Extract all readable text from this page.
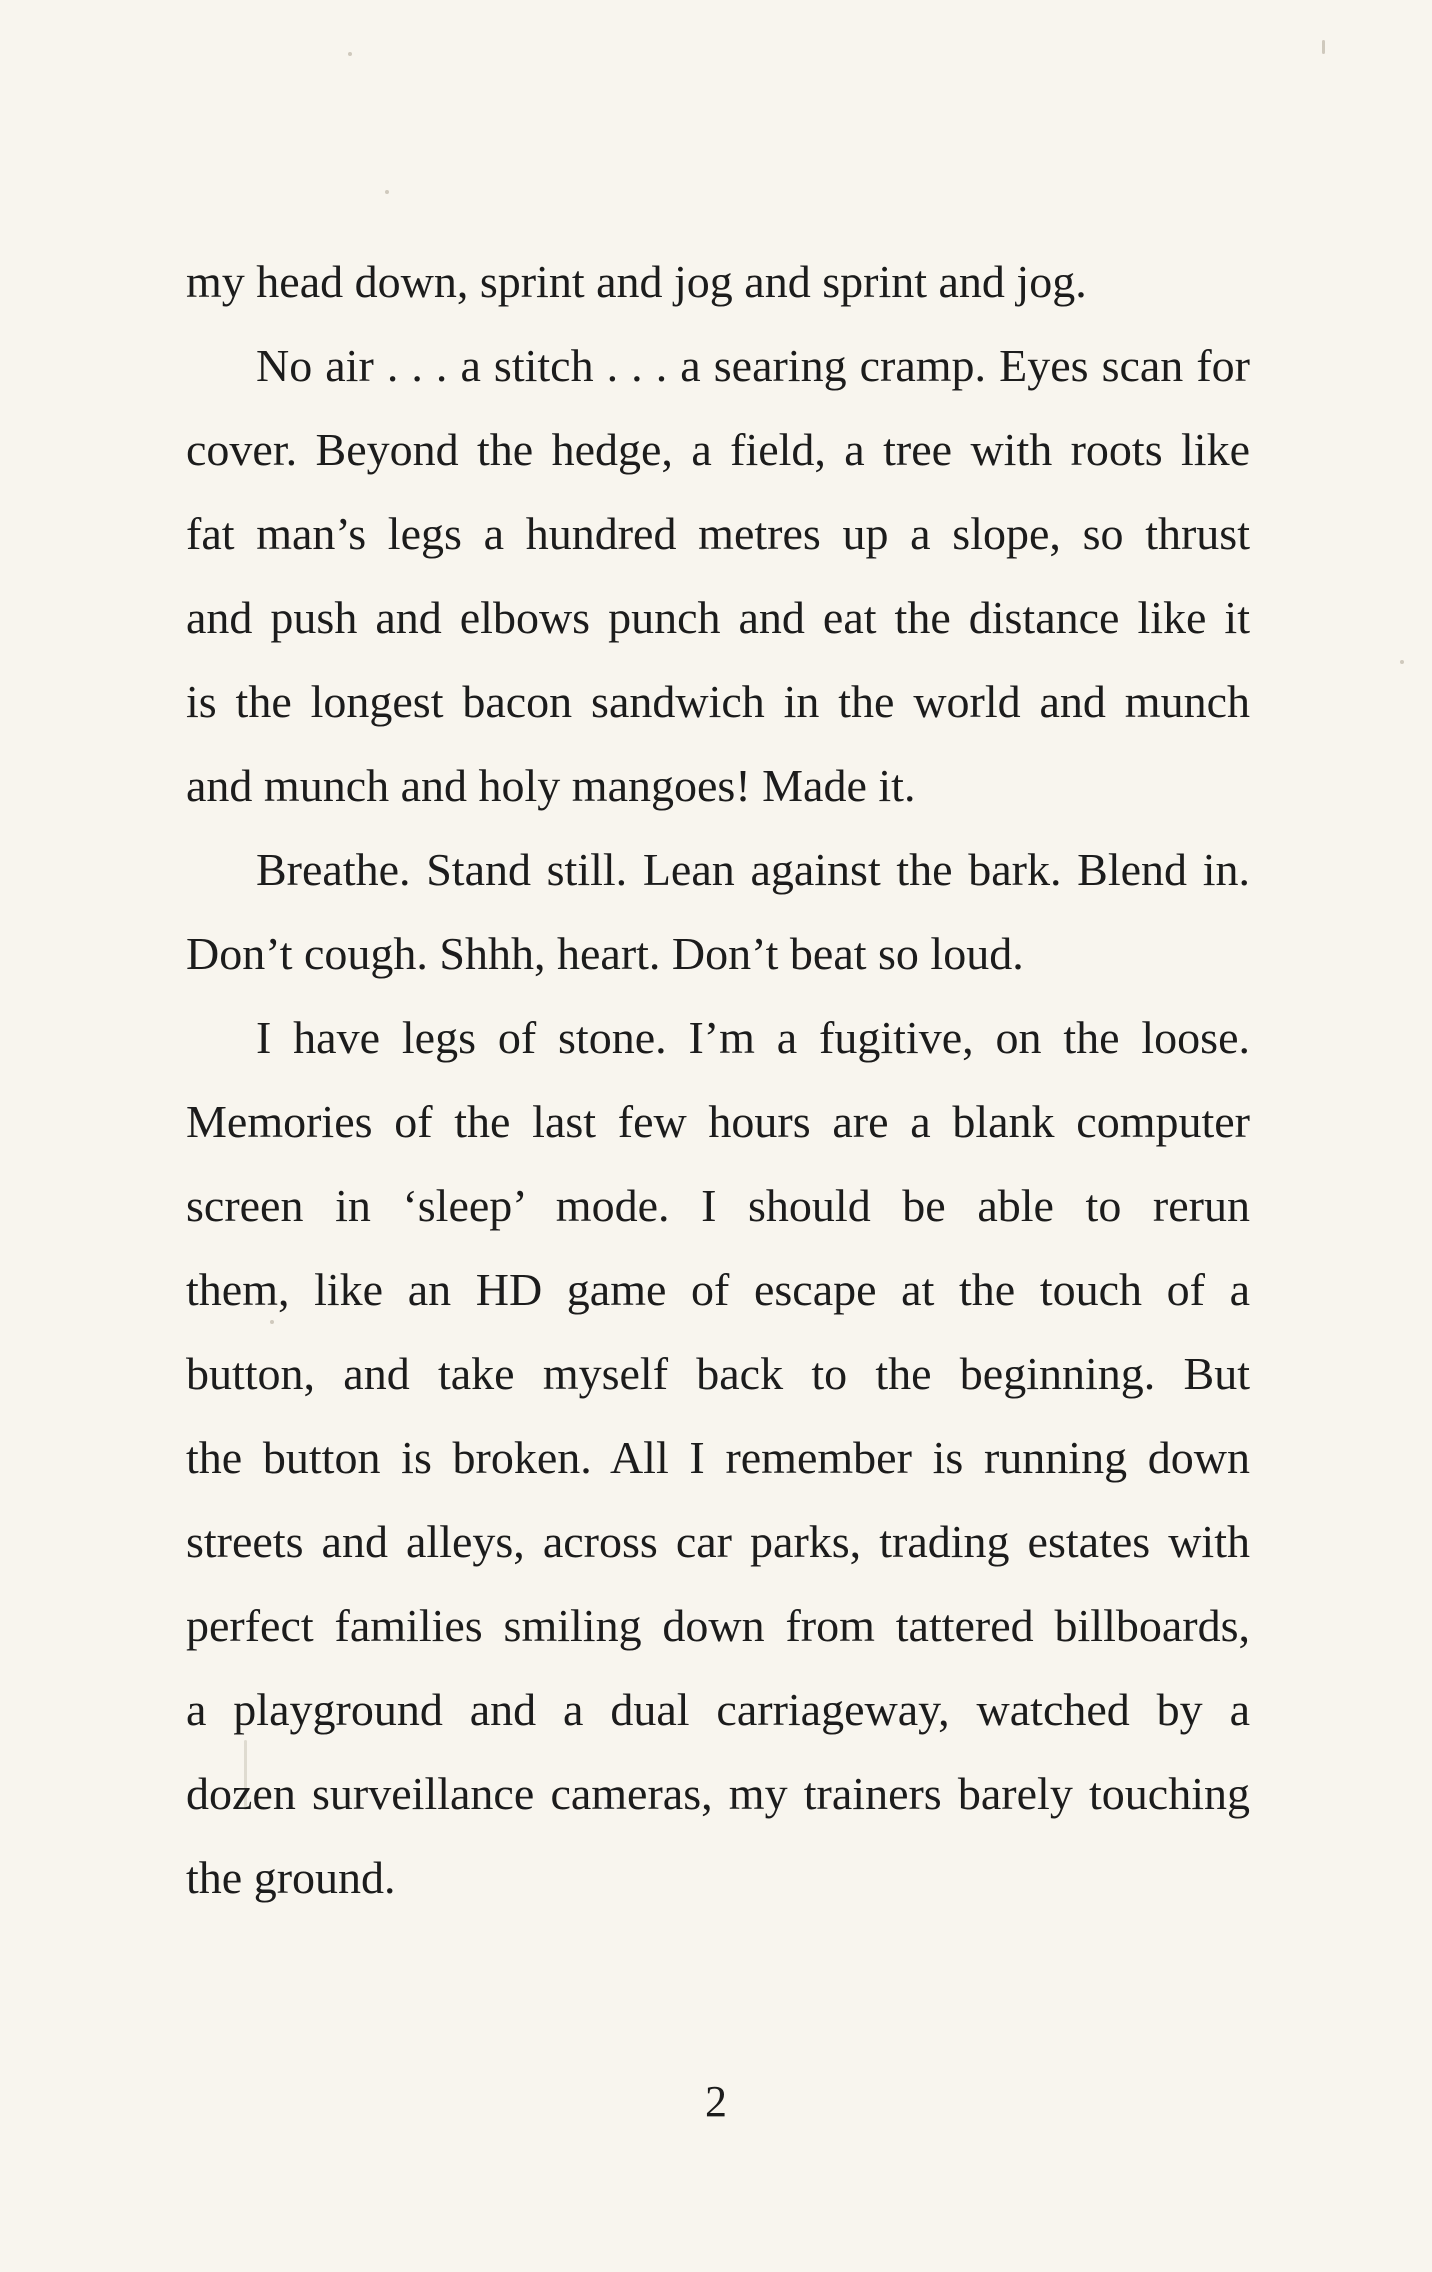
my head down, sprint and jog and sprint and jog.
No air . . . a stitch . . . a searing cramp. Eyes scan for
cover. Beyond the hedge, a field, a tree with roots like
fat man’s legs a hundred metres up a slope, so thrust
and push and elbows punch and eat the distance like it
is the longest bacon sandwich in the world and munch
and munch and holy mangoes! Made it.
Breathe. Stand still. Lean against the bark. Blend in.
Don’t cough. Shhh, heart. Don’t beat so loud.
I have legs of stone. I’m a fugitive, on the loose.
Memories of the last few hours are a blank computer
screen in ‘sleep’ mode. I should be able to rerun
them, like an HD game of escape at the touch of a
button, and take myself back to the beginning. But
the button is broken. All I remember is running down
streets and alleys, across car parks, trading estates with
perfect families smiling down from tattered billboards,
a playground and a dual carriageway, watched by a
dozen surveillance cameras, my trainers barely touching
the ground.
2
